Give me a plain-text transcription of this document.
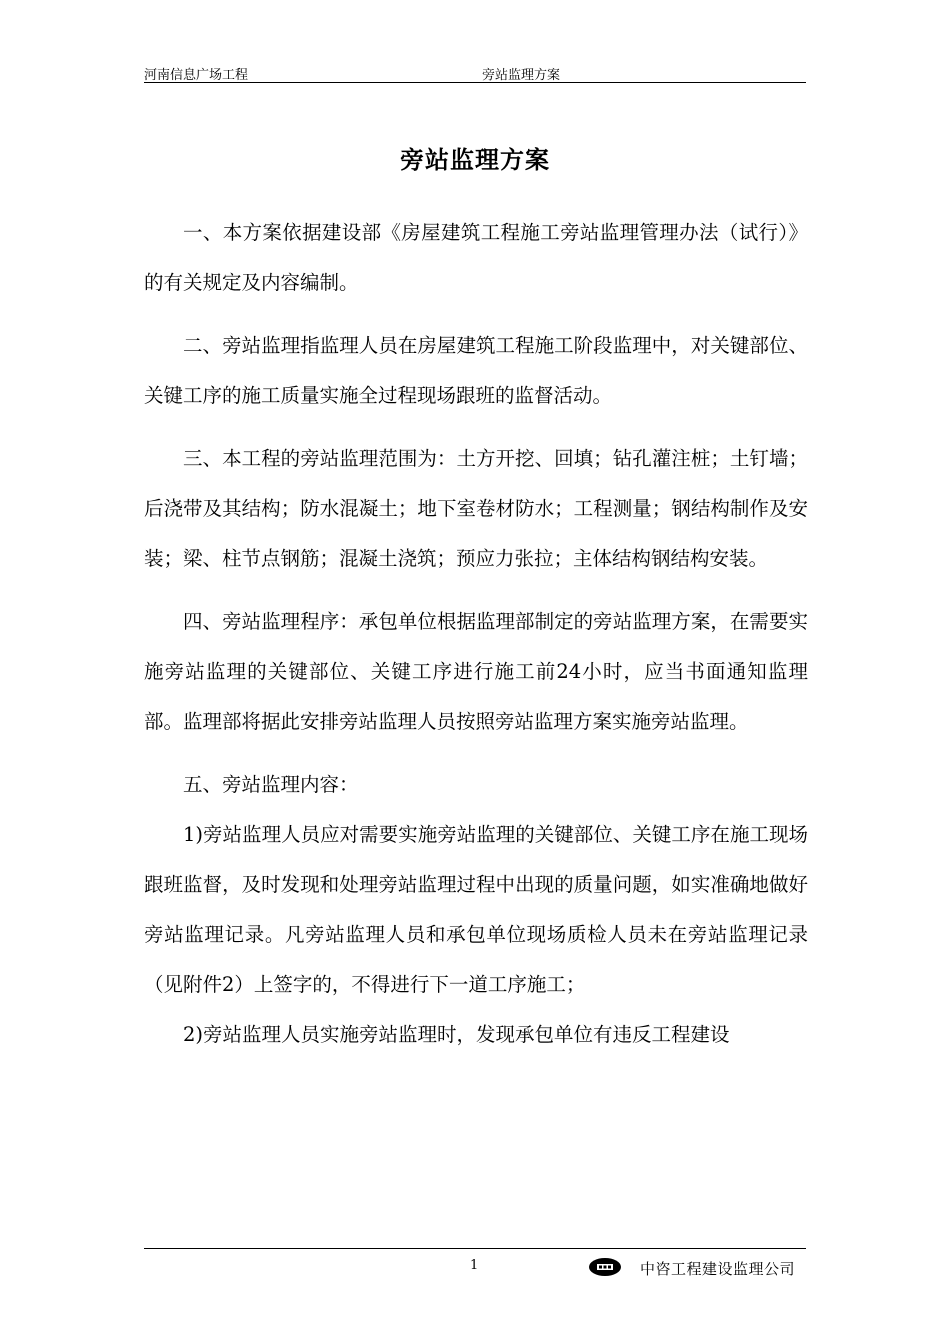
河南信息广场工程	旁站监理方案
旁站监理方案

一、本方案依据建设部《房屋建筑工程施工旁站监理管理办法（试行）》的有关规定及内容编制。

二、旁站监理指监理人员在房屋建筑工程施工阶段监理中，对关键部位、关键工序的施工质量实施全过程现场跟班的监督活动。

三、本工程的旁站监理范围为：土方开挖、回填；钻孔灌注桩；土钉墙；后浇带及其结构；防水混凝土；地下室卷材防水；工程测量；钢结构制作及安装；梁、柱节点钢筋；混凝土浇筑；预应力张拉；主体结构钢结构安装。

四、旁站监理程序：承包单位根据监理部制定的旁站监理方案，在需要实施旁站监理的关键部位、关键工序进行施工前24小时，应当书面通知监理部。监理部将据此安排旁站监理人员按照旁站监理方案实施旁站监理。

五、旁站监理内容：

1)旁站监理人员应对需要实施旁站监理的关键部位、关键工序在施工现场跟班监督，及时发现和处理旁站监理过程中出现的质量问题，如实准确地做好旁站监理记录。凡旁站监理人员和承包单位现场质检人员未在旁站监理记录（见附件2）上签字的，不得进行下一道工序施工；

2)旁站监理人员实施旁站监理时，发现承包单位有违反工程建设

1	中咨工程建设监理公司
